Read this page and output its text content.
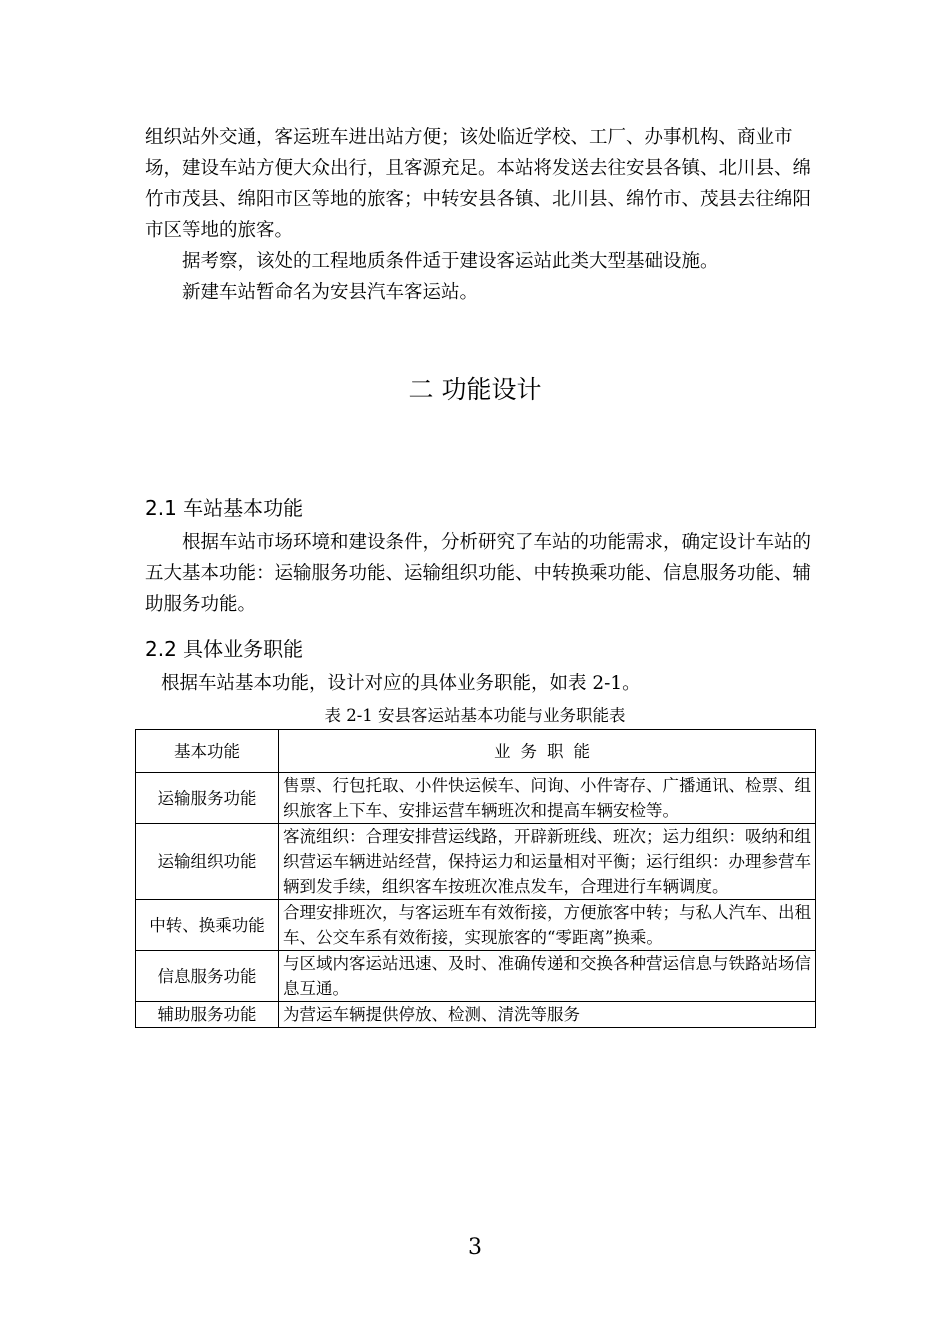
组织站外交通，客运班车进出站方便；该处临近学校、工厂、办事机构、商业市场，建设车站方便大众出行，且客源充足。本站将发送去往安县各镇、北川县、绵竹市茂县、绵阳市区等地的旅客；中转安县各镇、北川县、绵竹市、茂县去往绵阳市区等地的旅客。

据考察，该处的工程地质条件适于建设客运站此类大型基础设施。

新建车站暂命名为安县汽车客运站。

二 功能设计
2.1 车站基本功能

根据车站市场环境和建设条件，分析研究了车站的功能需求，确定设计车站的五大基本功能：运输服务功能、运输组织功能、中转换乘功能、信息服务功能、辅助服务功能。

2.2 具体业务职能

根据车站基本功能，设计对应的具体业务职能，如表 2-1。

表 2-1 安县客运站基本功能与业务职能表
基本功能	业务职能
运输服务功能	售票、行包托取、小件快运候车、问询、小件寄存、广播通讯、检票、组织旅客上下车、安排运营车辆班次和提高车辆安检等。
运输组织功能	客流组织：合理安排营运线路，开辟新班线、班次；运力组织：吸纳和组织营运车辆进站经营，保持运力和运量相对平衡；运行组织：办理参营车辆到发手续，组织客车按班次准点发车，合理进行车辆调度。
中转、换乘功能	合理安排班次，与客运班车有效衔接，方便旅客中转；与私人汽车、出租车、公交车系有效衔接，实现旅客的“零距离”换乘。
信息服务功能	与区域内客运站迅速、及时、准确传递和交换各种营运信息与铁路站场信息互通。
辅助服务功能	为营运车辆提供停放、检测、清洗等服务
3
